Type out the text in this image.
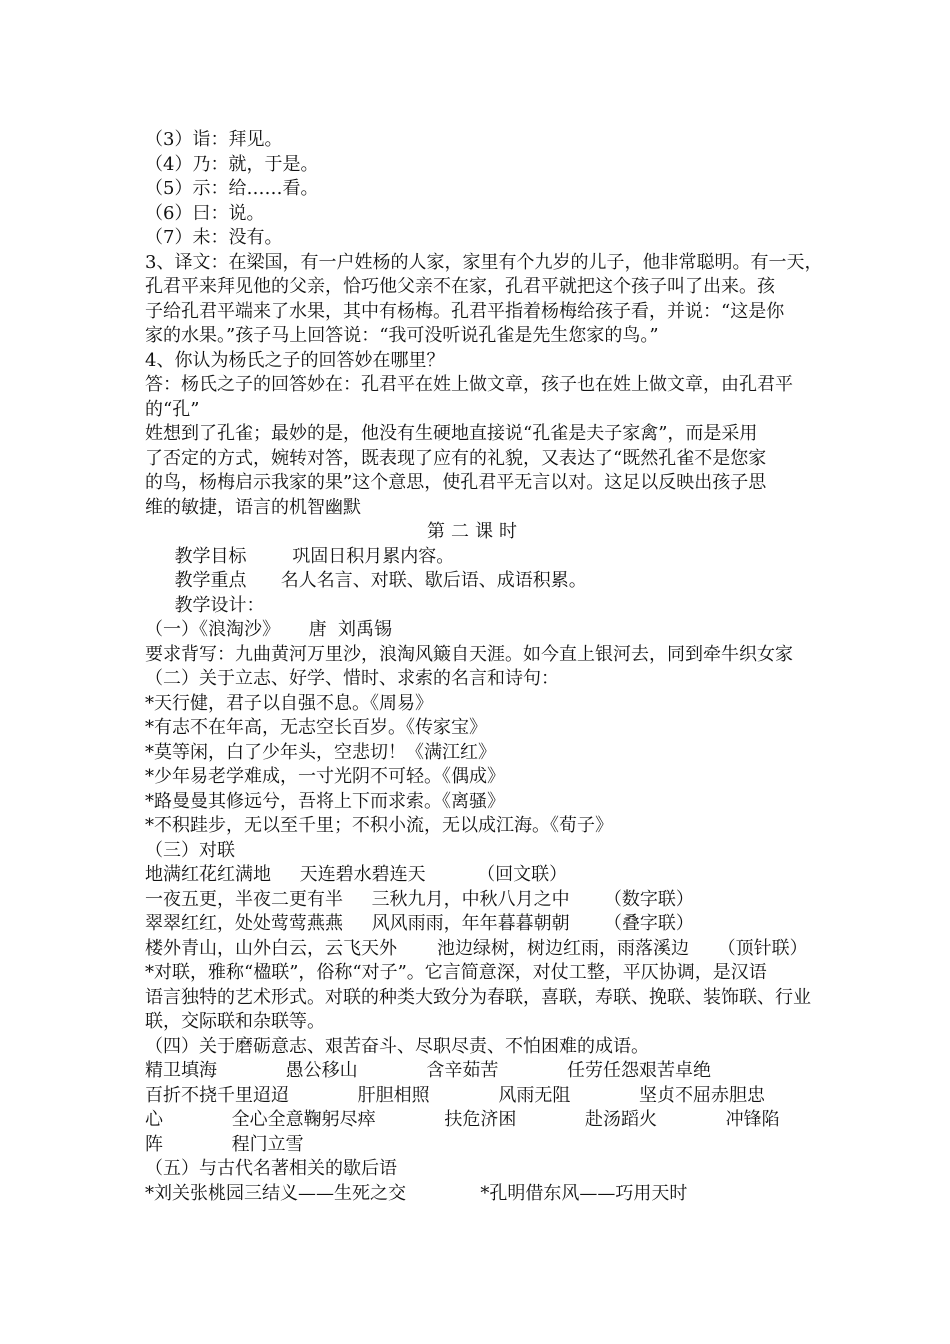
（3）诣：拜见。
（4）乃：就，于是。
（5）示：给……看。
（6）曰：说。
（7）未：没有。
3、译文：在梁国，有一户姓杨的人家，家里有个九岁的儿子，他非常聪明。有一天，
孔君平来拜见他的父亲，恰巧他父亲不在家，孔君平就把这个孩子叫了出来。孩
子给孔君平端来了水果，其中有杨梅。孔君平指着杨梅给孩子看，并说：“这是你
家的水果。”孩子马上回答说：“我可没听说孔雀是先生您家的鸟。”
4、你认为杨氏之子的回答妙在哪里？
答：杨氏之子的回答妙在：孔君平在姓上做文章，孩子也在姓上做文章，由孔君平
的“孔”
姓想到了孔雀；最妙的是，他没有生硬地直接说“孔雀是夫子家禽”，而是采用
了否定的方式，婉转对答，既表现了应有的礼貌，又表达了“既然孔雀不是您家
的鸟，杨梅启示我家的果”这个意思，使孔君平无言以对。这足以反映出孩子思
维的敏捷，语言的机智幽默
第二课时
教学目标        巩固日积月累内容。
教学重点      名人名言、对联、歇后语、成语积累。
教学设计：
（一）《浪淘沙》     唐  刘禹锡
要求背写：九曲黄河万里沙，浪淘风簸自天涯。如今直上银河去，同到牵牛织女家
（二）关于立志、好学、惜时、求索的名言和诗句：
*天行健，君子以自强不息。《周易》
*有志不在年高，无志空长百岁。《传家宝》
*莫等闲，白了少年头，空悲切！《满江红》
*少年易老学难成，一寸光阴不可轻。《偶成》
*路曼曼其修远兮，吾将上下而求索。《离骚》
*不积跬步，无以至千里；不积小流，无以成江海。《荀子》
（三）对联
地满红花红满地     天连碧水碧连天         （回文联）
一夜五更，半夜二更有半     三秋九月，中秋八月之中      （数字联）
翠翠红红，处处莺莺燕燕     风风雨雨，年年暮暮朝朝      （叠字联）
楼外青山，山外白云，云飞天外       池边绿树，树边红雨，雨落溪边     （顶针联）
*对联，雅称“楹联”，俗称“对子”。它言简意深，对仗工整，平仄协调，是汉语
语言独特的艺术形式。对联的种类大致分为春联，喜联，寿联、挽联、装饰联、行业
联，交际联和杂联等。
（四）关于磨砺意志、艰苦奋斗、尽职尽责、不怕困难的成语。
精卫填海            愚公移山            含辛茹苦            任劳任怨艰苦卓绝
百折不挠千里迢迢            肝胆相照            风雨无阻            坚贞不屈赤胆忠
心            全心全意鞠躬尽瘁            扶危济困            赴汤蹈火            冲锋陷
阵            程门立雪
（五）与古代名著相关的歇后语
*刘关张桃园三结义——生死之交             *孔明借东风——巧用天时
